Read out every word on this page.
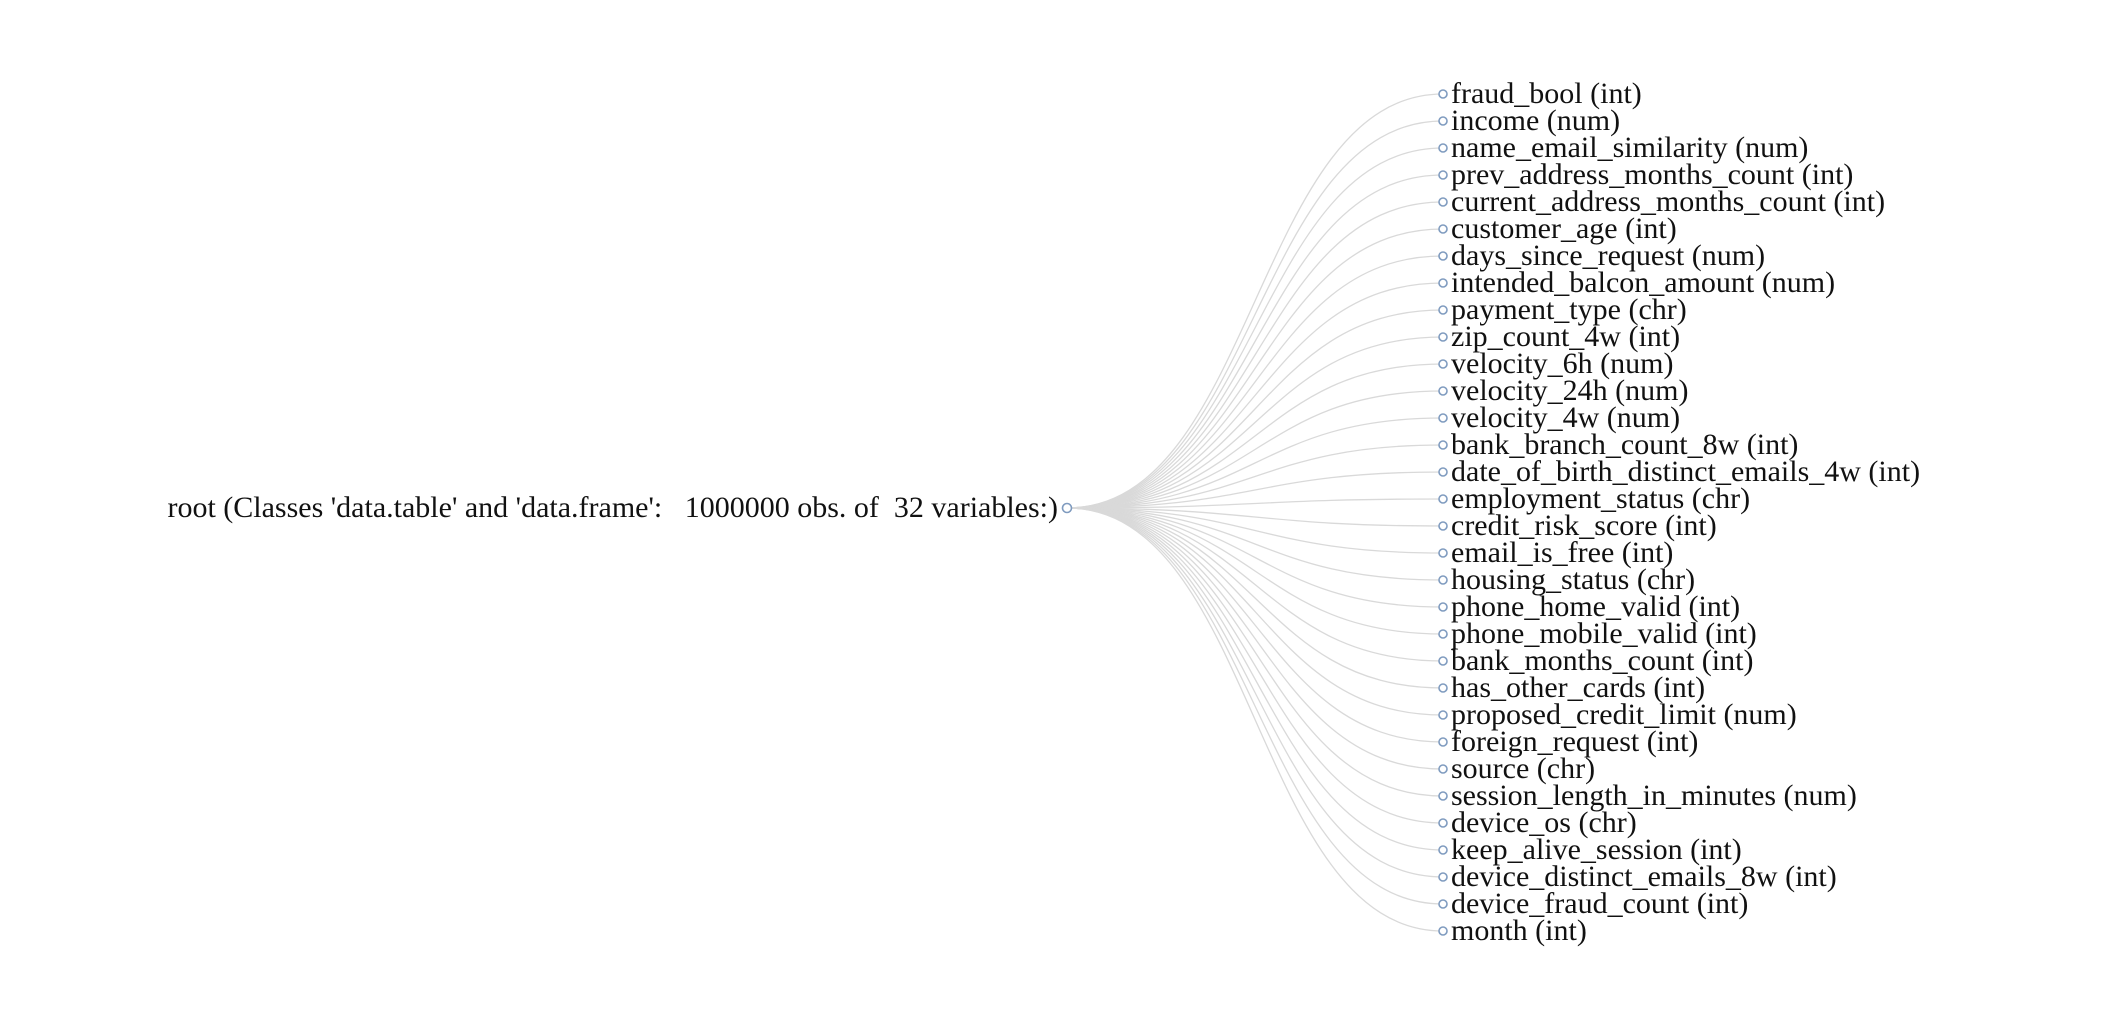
root (Classes 'data.table' and 'data.frame':   1000000 obs. of  32 variables:)
fraud_bool (int)
income (num)
name_email_similarity (num)
prev_address_months_count (int)
current_address_months_count (int)
customer_age (int)
days_since_request (num)
intended_balcon_amount (num)
payment_type (chr)
zip_count_4w (int)
velocity_6h (num)
velocity_24h (num)
velocity_4w (num)
bank_branch_count_8w (int)
date_of_birth_distinct_emails_4w (int)
employment_status (chr)
credit_risk_score (int)
email_is_free (int)
housing_status (chr)
phone_home_valid (int)
phone_mobile_valid (int)
bank_months_count (int)
has_other_cards (int)
proposed_credit_limit (num)
foreign_request (int)
source (chr)
session_length_in_minutes (num)
device_os (chr)
keep_alive_session (int)
device_distinct_emails_8w (int)
device_fraud_count (int)
month (int)
